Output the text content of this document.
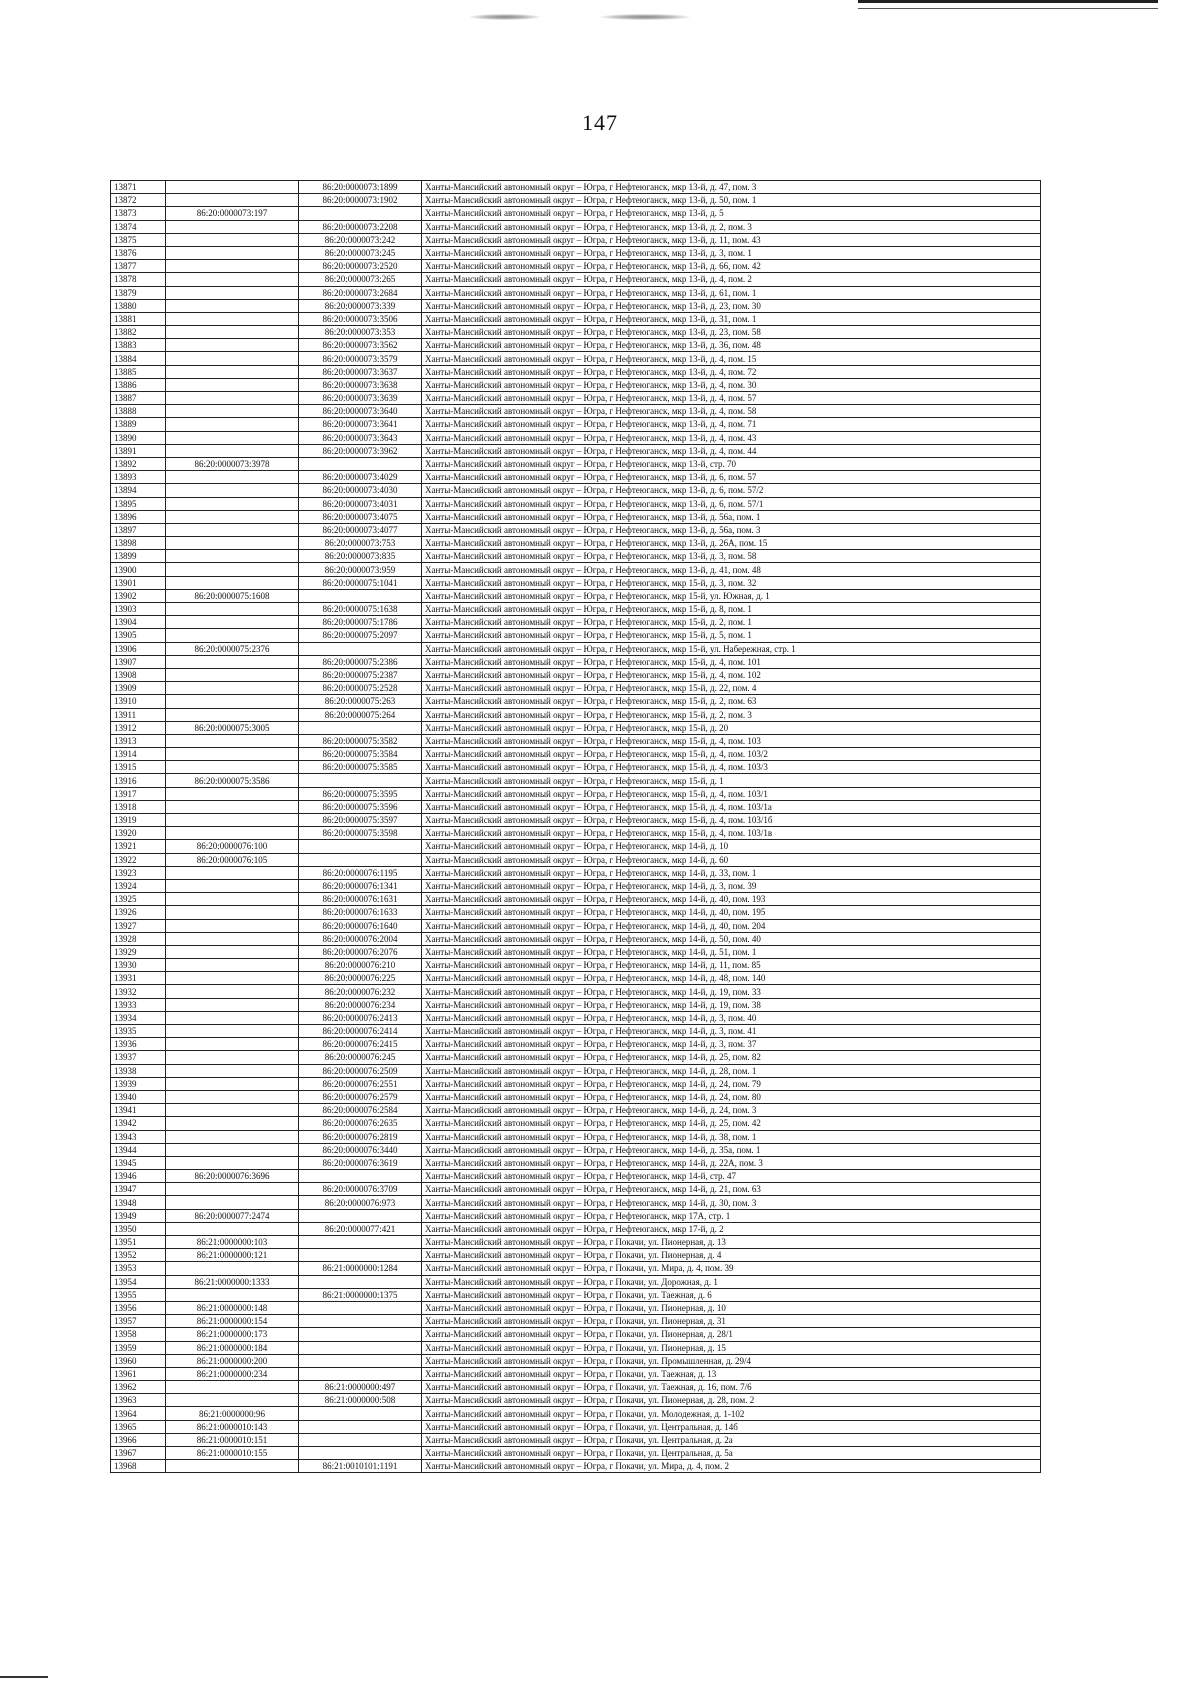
147
13871		86:20:0000073:1899	Ханты-Мансийский автономный округ – Югра, г Нефтеюганск, мкр 13-й, д. 47, пом. 3
13872		86:20:0000073:1902	Ханты-Мансийский автономный округ – Югра, г Нефтеюганск, мкр 13-й, д. 50, пом. 1
13873	86:20:0000073:197		Ханты-Мансийский автономный округ – Югра, г Нефтеюганск, мкр 13-й, д. 5
13874		86:20:0000073:2208	Ханты-Мансийский автономный округ – Югра, г Нефтеюганск, мкр 13-й, д. 2, пом. 3
13875		86:20:0000073:242	Ханты-Мансийский автономный округ – Югра, г Нефтеюганск, мкр 13-й, д. 11, пом. 43
13876		86:20:0000073:245	Ханты-Мансийский автономный округ – Югра, г Нефтеюганск, мкр 13-й, д. 3, пом. 1
13877		86:20:0000073:2520	Ханты-Мансийский автономный округ – Югра, г Нефтеюганск, мкр 13-й, д. 66, пом. 42
13878		86:20:0000073:265	Ханты-Мансийский автономный округ – Югра, г Нефтеюганск, мкр 13-й, д. 4, пом. 2
13879		86:20:0000073:2684	Ханты-Мансийский автономный округ – Югра, г Нефтеюганск, мкр 13-й, д. 61, пом. 1
13880		86:20:0000073:339	Ханты-Мансийский автономный округ – Югра, г Нефтеюганск, мкр 13-й, д. 23, пом. 30
13881		86:20:0000073:3506	Ханты-Мансийский автономный округ – Югра, г Нефтеюганск, мкр 13-й, д. 31, пом. 1
13882		86:20:0000073:353	Ханты-Мансийский автономный округ – Югра, г Нефтеюганск, мкр 13-й, д. 23, пом. 58
13883		86:20:0000073:3562	Ханты-Мансийский автономный округ – Югра, г Нефтеюганск, мкр 13-й, д. 36, пом. 48
13884		86:20:0000073:3579	Ханты-Мансийский автономный округ – Югра, г Нефтеюганск, мкр 13-й, д. 4, пом. 15
13885		86:20:0000073:3637	Ханты-Мансийский автономный округ – Югра, г Нефтеюганск, мкр 13-й, д. 4, пом. 72
13886		86:20:0000073:3638	Ханты-Мансийский автономный округ – Югра, г Нефтеюганск, мкр 13-й, д. 4, пом. 30
13887		86:20:0000073:3639	Ханты-Мансийский автономный округ – Югра, г Нефтеюганск, мкр 13-й, д. 4, пом. 57
13888		86:20:0000073:3640	Ханты-Мансийский автономный округ – Югра, г Нефтеюганск, мкр 13-й, д. 4, пом. 58
13889		86:20:0000073:3641	Ханты-Мансийский автономный округ – Югра, г Нефтеюганск, мкр 13-й, д. 4, пом. 71
13890		86:20:0000073:3643	Ханты-Мансийский автономный округ – Югра, г Нефтеюганск, мкр 13-й, д. 4, пом. 43
13891		86:20:0000073:3962	Ханты-Мансийский автономный округ – Югра, г Нефтеюганск, мкр 13-й, д. 4, пом. 44
13892	86:20:0000073:3978		Ханты-Мансийский автономный округ – Югра, г Нефтеюганск, мкр 13-й, стр. 70
13893		86:20:0000073:4029	Ханты-Мансийский автономный округ – Югра, г Нефтеюганск, мкр 13-й, д. 6, пом. 57
13894		86:20:0000073:4030	Ханты-Мансийский автономный округ – Югра, г Нефтеюганск, мкр 13-й, д. 6, пом. 57/2
13895		86:20:0000073:4031	Ханты-Мансийский автономный округ – Югра, г Нефтеюганск, мкр 13-й, д. 6, пом. 57/1
13896		86:20:0000073:4075	Ханты-Мансийский автономный округ – Югра, г Нефтеюганск, мкр 13-й, д. 56а, пом. 1
13897		86:20:0000073:4077	Ханты-Мансийский автономный округ – Югра, г Нефтеюганск, мкр 13-й, д. 56а, пом. 3
13898		86:20:0000073:753	Ханты-Мансийский автономный округ – Югра, г Нефтеюганск, мкр 13-й, д. 26А, пом. 15
13899		86:20:0000073:835	Ханты-Мансийский автономный округ – Югра, г Нефтеюганск, мкр 13-й, д. 3, пом. 58
13900		86:20:0000073:959	Ханты-Мансийский автономный округ – Югра, г Нефтеюганск, мкр 13-й, д. 41, пом. 48
13901		86:20:0000075:1041	Ханты-Мансийский автономный округ – Югра, г Нефтеюганск, мкр 15-й, д. 3, пом. 32
13902	86:20:0000075:1608		Ханты-Мансийский автономный округ – Югра, г Нефтеюганск, мкр 15-й, ул. Южная, д. 1
13903		86:20:0000075:1638	Ханты-Мансийский автономный округ – Югра, г Нефтеюганск, мкр 15-й, д. 8, пом. 1
13904		86:20:0000075:1786	Ханты-Мансийский автономный округ – Югра, г Нефтеюганск, мкр 15-й, д. 2, пом. 1
13905		86:20:0000075:2097	Ханты-Мансийский автономный округ – Югра, г Нефтеюганск, мкр 15-й, д. 5, пом. 1
13906	86:20:0000075:2376		Ханты-Мансийский автономный округ – Югра, г Нефтеюганск, мкр 15-й, ул. Набережная, стр. 1
13907		86:20:0000075:2386	Ханты-Мансийский автономный округ – Югра, г Нефтеюганск, мкр 15-й, д. 4, пом. 101
13908		86:20:0000075:2387	Ханты-Мансийский автономный округ – Югра, г Нефтеюганск, мкр 15-й, д. 4, пом. 102
13909		86:20:0000075:2528	Ханты-Мансийский автономный округ – Югра, г Нефтеюганск, мкр 15-й, д. 22, пом. 4
13910		86:20:0000075:263	Ханты-Мансийский автономный округ – Югра, г Нефтеюганск, мкр 15-й, д. 2, пом. 63
13911		86:20:0000075:264	Ханты-Мансийский автономный округ – Югра, г Нефтеюганск, мкр 15-й, д. 2, пом. 3
13912	86:20:0000075:3005		Ханты-Мансийский автономный округ – Югра, г Нефтеюганск, мкр 15-й, д. 20
13913		86:20:0000075:3582	Ханты-Мансийский автономный округ – Югра, г Нефтеюганск, мкр 15-й, д. 4, пом. 103
13914		86:20:0000075:3584	Ханты-Мансийский автономный округ – Югра, г Нефтеюганск, мкр 15-й, д. 4, пом. 103/2
13915		86:20:0000075:3585	Ханты-Мансийский автономный округ – Югра, г Нефтеюганск, мкр 15-й, д. 4, пом. 103/3
13916	86:20:0000075:3586		Ханты-Мансийский автономный округ – Югра, г Нефтеюганск, мкр 15-й, д. 1
13917		86:20:0000075:3595	Ханты-Мансийский автономный округ – Югра, г Нефтеюганск, мкр 15-й, д. 4, пом. 103/1
13918		86:20:0000075:3596	Ханты-Мансийский автономный округ – Югра, г Нефтеюганск, мкр 15-й, д. 4, пом. 103/1а
13919		86:20:0000075:3597	Ханты-Мансийский автономный округ – Югра, г Нефтеюганск, мкр 15-й, д. 4, пом. 103/1б
13920		86:20:0000075:3598	Ханты-Мансийский автономный округ – Югра, г Нефтеюганск, мкр 15-й, д. 4, пом. 103/1в
13921	86:20:0000076:100		Ханты-Мансийский автономный округ – Югра, г Нефтеюганск, мкр 14-й, д. 10
13922	86:20:0000076:105		Ханты-Мансийский автономный округ – Югра, г Нефтеюганск, мкр 14-й, д. 60
13923		86:20:0000076:1195	Ханты-Мансийский автономный округ – Югра, г Нефтеюганск, мкр 14-й, д. 33, пом. 1
13924		86:20:0000076:1341	Ханты-Мансийский автономный округ – Югра, г Нефтеюганск, мкр 14-й, д. 3, пом. 39
13925		86:20:0000076:1631	Ханты-Мансийский автономный округ – Югра, г Нефтеюганск, мкр 14-й, д. 40, пом. 193
13926		86:20:0000076:1633	Ханты-Мансийский автономный округ – Югра, г Нефтеюганск, мкр 14-й, д. 40, пом. 195
13927		86:20:0000076:1640	Ханты-Мансийский автономный округ – Югра, г Нефтеюганск, мкр 14-й, д. 40, пом. 204
13928		86:20:0000076:2004	Ханты-Мансийский автономный округ – Югра, г Нефтеюганск, мкр 14-й, д. 50, пом. 40
13929		86:20:0000076:2076	Ханты-Мансийский автономный округ – Югра, г Нефтеюганск, мкр 14-й, д. 51, пом. 1
13930		86:20:0000076:210	Ханты-Мансийский автономный округ – Югра, г Нефтеюганск, мкр 14-й, д. 11, пом. 85
13931		86:20:0000076:225	Ханты-Мансийский автономный округ – Югра, г Нефтеюганск, мкр 14-й, д. 48, пом. 140
13932		86:20:0000076:232	Ханты-Мансийский автономный округ – Югра, г Нефтеюганск, мкр 14-й, д. 19, пом. 33
13933		86:20:0000076:234	Ханты-Мансийский автономный округ – Югра, г Нефтеюганск, мкр 14-й, д. 19, пом. 38
13934		86:20:0000076:2413	Ханты-Мансийский автономный округ – Югра, г Нефтеюганск, мкр 14-й, д. 3, пом. 40
13935		86:20:0000076:2414	Ханты-Мансийский автономный округ – Югра, г Нефтеюганск, мкр 14-й, д. 3, пом. 41
13936		86:20:0000076:2415	Ханты-Мансийский автономный округ – Югра, г Нефтеюганск, мкр 14-й, д. 3, пом. 37
13937		86:20:0000076:245	Ханты-Мансийский автономный округ – Югра, г Нефтеюганск, мкр 14-й, д. 25, пом. 82
13938		86:20:0000076:2509	Ханты-Мансийский автономный округ – Югра, г Нефтеюганск, мкр 14-й, д. 28, пом. 1
13939		86:20:0000076:2551	Ханты-Мансийский автономный округ – Югра, г Нефтеюганск, мкр 14-й, д. 24, пом. 79
13940		86:20:0000076:2579	Ханты-Мансийский автономный округ – Югра, г Нефтеюганск, мкр 14-й, д. 24, пом. 80
13941		86:20:0000076:2584	Ханты-Мансийский автономный округ – Югра, г Нефтеюганск, мкр 14-й, д. 24, пом. 3
13942		86:20:0000076:2635	Ханты-Мансийский автономный округ – Югра, г Нефтеюганск, мкр 14-й, д. 25, пом. 42
13943		86:20:0000076:2819	Ханты-Мансийский автономный округ – Югра, г Нефтеюганск, мкр 14-й, д. 38, пом. 1
13944		86:20:0000076:3440	Ханты-Мансийский автономный округ – Югра, г Нефтеюганск, мкр 14-й, д. 35а, пом. 1
13945		86:20:0000076:3619	Ханты-Мансийский автономный округ – Югра, г Нефтеюганск, мкр 14-й, д. 22А, пом. 3
13946	86:20:0000076:3696		Ханты-Мансийский автономный округ – Югра, г Нефтеюганск, мкр 14-й, стр. 47
13947		86:20:0000076:3709	Ханты-Мансийский автономный округ – Югра, г Нефтеюганск, мкр 14-й, д. 21, пом. 63
13948		86:20:0000076:973	Ханты-Мансийский автономный округ – Югра, г Нефтеюганск, мкр 14-й, д. 30, пом. 3
13949	86:20:0000077:2474		Ханты-Мансийский автономный округ – Югра, г Нефтеюганск, мкр 17А, стр. 1
13950		86:20:0000077:421	Ханты-Мансийский автономный округ – Югра, г Нефтеюганск, мкр 17-й, д. 2
13951	86:21:0000000:103		Ханты-Мансийский автономный округ – Югра, г Покачи, ул. Пионерная, д. 13
13952	86:21:0000000:121		Ханты-Мансийский автономный округ – Югра, г Покачи, ул. Пионерная, д. 4
13953		86:21:0000000:1284	Ханты-Мансийский автономный округ – Югра, г Покачи, ул. Мира, д. 4, пом. 39
13954	86:21:0000000:1333		Ханты-Мансийский автономный округ – Югра, г Покачи, ул. Дорожная, д. 1
13955		86:21:0000000:1375	Ханты-Мансийский автономный округ – Югра, г Покачи, ул. Таежная, д. 6
13956	86:21:0000000:148		Ханты-Мансийский автономный округ – Югра, г Покачи, ул. Пионерная, д. 10
13957	86:21:0000000:154		Ханты-Мансийский автономный округ – Югра, г Покачи, ул. Пионерная, д. 31
13958	86:21:0000000:173		Ханты-Мансийский автономный округ – Югра, г Покачи, ул. Пионерная, д. 28/1
13959	86:21:0000000:184		Ханты-Мансийский автономный округ – Югра, г Покачи, ул. Пионерная, д. 15
13960	86:21:0000000:200		Ханты-Мансийский автономный округ – Югра, г Покачи, ул. Промышленная, д. 29/4
13961	86:21:0000000:234		Ханты-Мансийский автономный округ – Югра, г Покачи, ул. Таежная, д. 13
13962		86:21:0000000:497	Ханты-Мансийский автономный округ – Югра, г Покачи, ул. Таежная, д. 16, пом. 7/6
13963		86:21:0000000:508	Ханты-Мансийский автономный округ – Югра, г Покачи, ул. Пионерная, д. 28, пом. 2
13964	86:21:0000000:96		Ханты-Мансийский автономный округ – Югра, г Покачи, ул. Молодежная, д. 1-102
13965	86:21:0000010:143		Ханты-Мансийский автономный округ – Югра, г Покачи, ул. Центральная, д. 14б
13966	86:21:0000010:151		Ханты-Мансийский автономный округ – Югра, г Покачи, ул. Центральная, д. 2а
13967	86:21:0000010:155		Ханты-Мансийский автономный округ – Югра, г Покачи, ул. Центральная, д. 5а
13968		86:21:0010101:1191	Ханты-Мансийский автономный округ – Югра, г Покачи, ул. Мира, д. 4, пом. 2
